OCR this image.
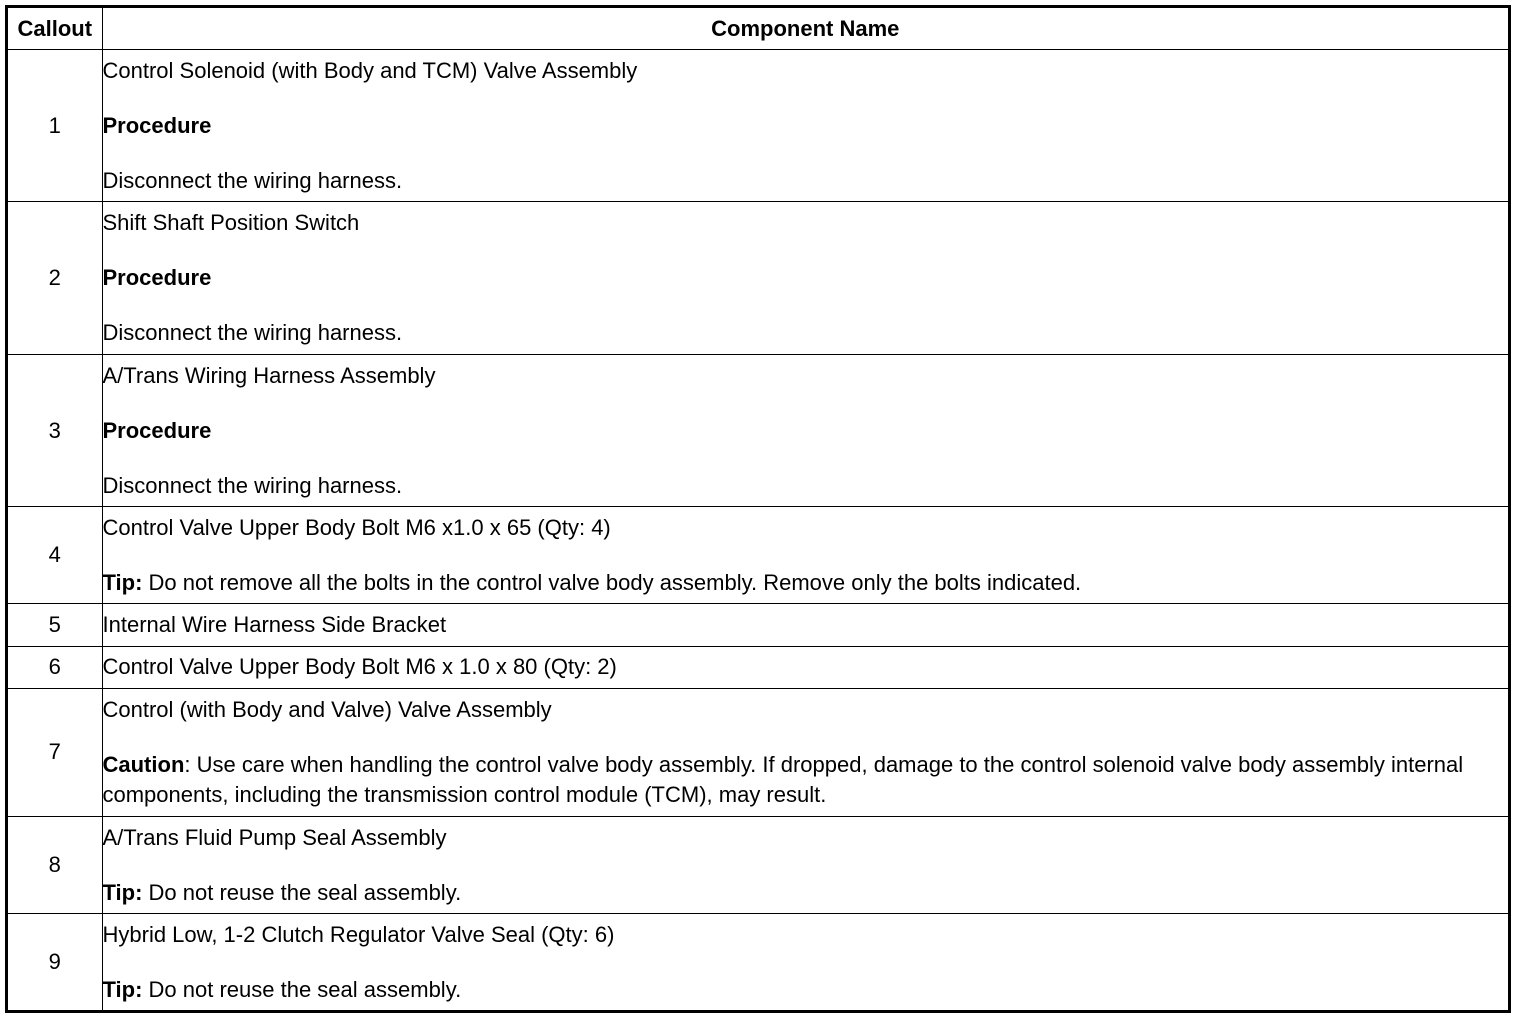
Callout	Component Name
1	Control Solenoid (with Body and TCM) Valve Assembly

Procedure

Disconnect the wiring harness.

2	Shift Shaft Position Switch

Procedure

Disconnect the wiring harness.

3	A/Trans Wiring Harness Assembly

Procedure

Disconnect the wiring harness.

4	Control Valve Upper Body Bolt M6 x1.0 x 65 (Qty: 4)

Tip: Do not remove all the bolts in the control valve body assembly. Remove only the bolts indicated.

5	Internal Wire Harness Side Bracket

6	Control Valve Upper Body Bolt M6 x 1.0 x 80 (Qty: 2)

7	Control (with Body and Valve) Valve Assembly

Caution: Use care when handling the control valve body assembly. If dropped, damage to the control solenoid valve body assembly internal components, including the transmission control module (TCM), may result.

8	A/Trans Fluid Pump Seal Assembly

Tip: Do not reuse the seal assembly.

9	Hybrid Low, 1-2 Clutch Regulator Valve Seal (Qty: 6)

Tip: Do not reuse the seal assembly.
